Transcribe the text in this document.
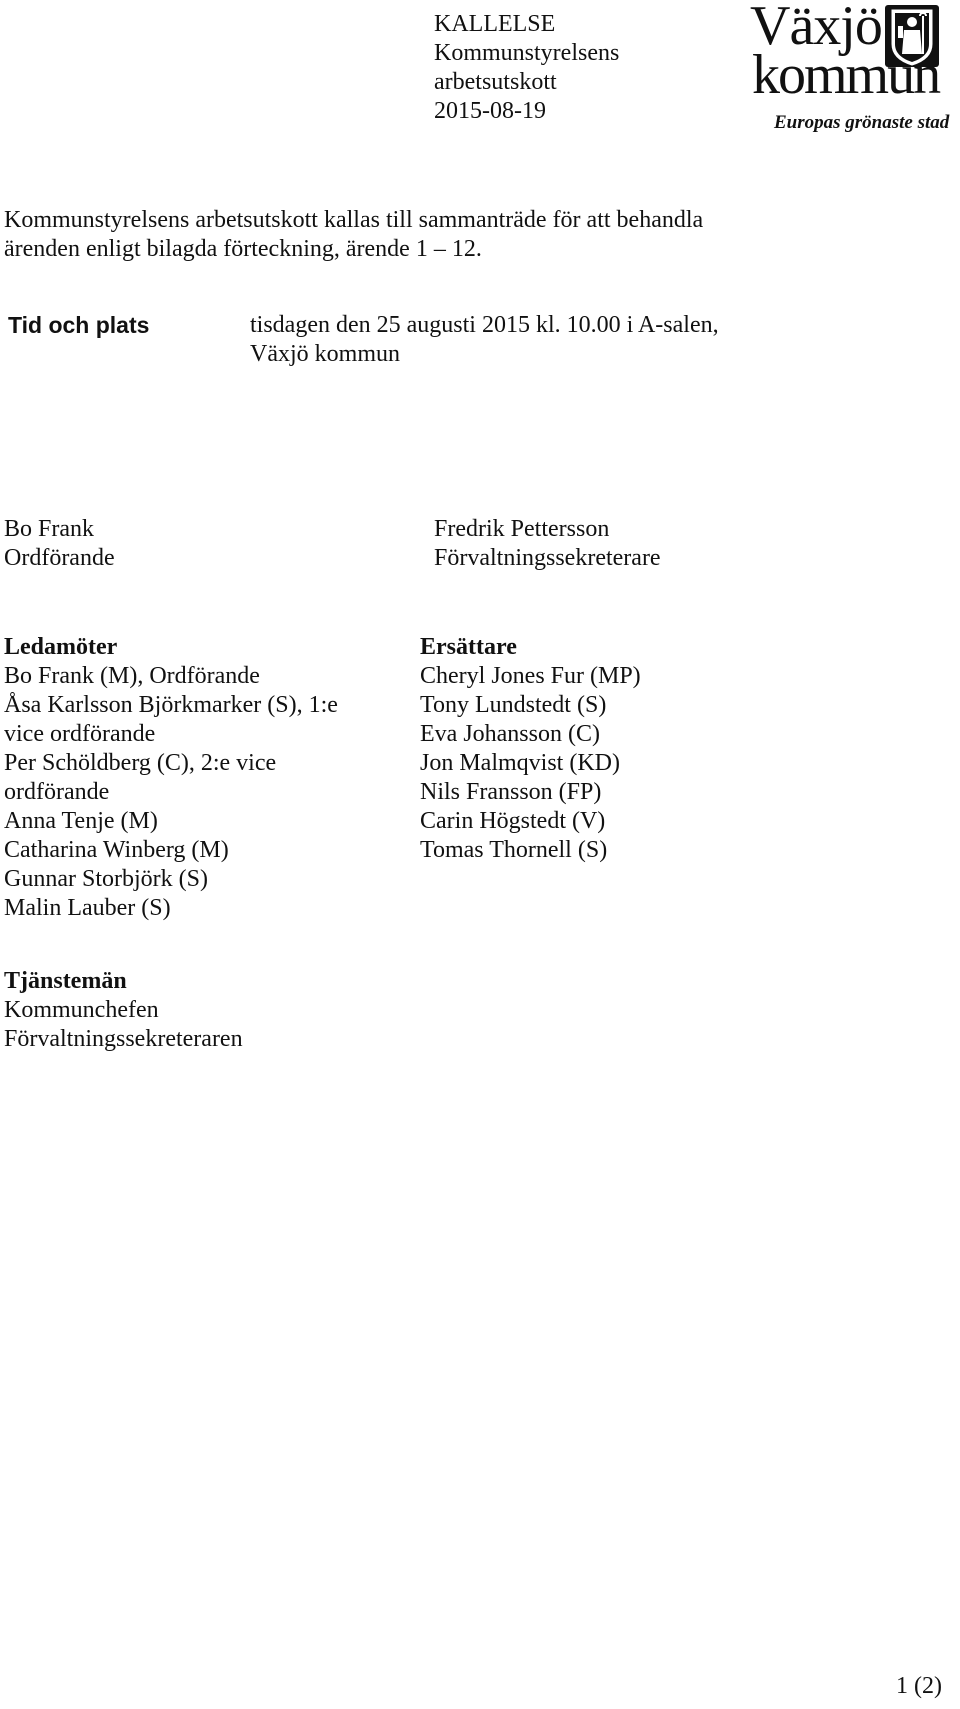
KALLELSE
Kommunstyrelsens
arbetsutskott
2015-08-19
Växjö
kommun
Europas grönaste stad
Kommunstyrelsens arbetsutskott kallas till sammanträde för att behandla
ärenden enligt bilagda förteckning, ärende 1 – 12.
Tid och plats	tisdagen den 25 augusti 2015 kl. 10.00 i A-salen,
Växjö kommun
Bo Frank
Ordförande
Fredrik Pettersson
Förvaltningssekreterare
Ledamöter
Bo Frank (M), Ordförande
Åsa Karlsson Björkmarker (S), 1:e
vice ordförande
Per Schöldberg (C), 2:e vice
ordförande
Anna Tenje (M)
Catharina Winberg (M)
Gunnar Storbjörk (S)
Malin Lauber (S)
Ersättare
Cheryl Jones Fur (MP)
Tony Lundstedt (S)
Eva Johansson (C)
Jon Malmqvist (KD)
Nils Fransson (FP)
Carin Högstedt (V)
Tomas Thornell (S)
Tjänstemän
Kommunchefen
Förvaltningssekreteraren
1 (2)
